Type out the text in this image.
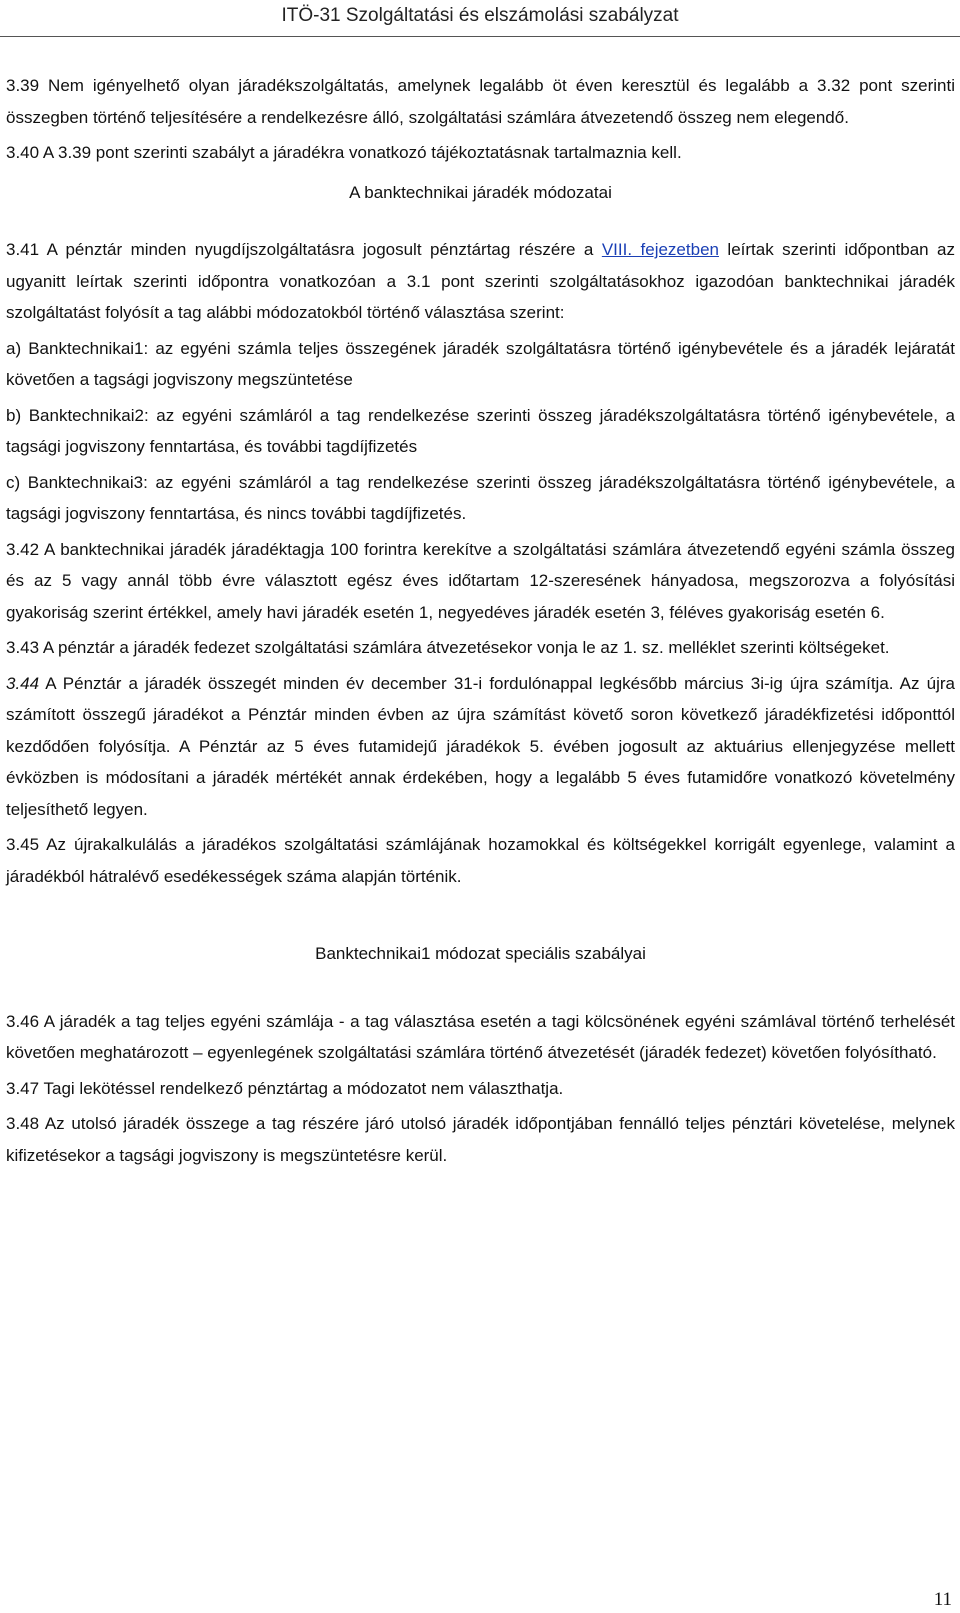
ITÖ-31 Szolgáltatási és elszámolási szabályzat

3.39 Nem igényelhető olyan járadékszolgáltatás, amelynek legalább öt éven keresztül és legalább a 3.32 pont szerinti összegben történő teljesítésére a rendelkezésre álló, szolgáltatási számlára átvezetendő összeg nem elegendő.

3.40 A 3.39 pont szerinti szabályt a járadékra vonatkozó tájékoztatásnak tartalmaznia kell.

A banktechnikai járadék módozatai

3.41 A pénztár minden nyugdíjszolgáltatásra jogosult pénztártag részére a VIII. fejezetben leírtak szerinti időpontban az ugyanitt leírtak szerinti időpontra vonatkozóan a 3.1 pont szerinti szolgáltatásokhoz igazodóan banktechnikai járadék szolgáltatást folyósít a tag alábbi módozatokból történő választása szerint:

a) Banktechnikai1: az egyéni számla teljes összegének járadék szolgáltatásra történő igénybevétele és a járadék lejáratát követően a tagsági jogviszony megszüntetése

b) Banktechnikai2: az egyéni számláról a tag rendelkezése szerinti összeg járadékszolgáltatásra történő igénybevétele, a tagsági jogviszony fenntartása, és további tagdíjfizetés

c) Banktechnikai3: az egyéni számláról a tag rendelkezése szerinti összeg járadékszolgáltatásra történő igénybevétele, a tagsági jogviszony fenntartása, és nincs további tagdíjfizetés.

3.42 A banktechnikai járadék járadéktagja 100 forintra kerekítve a szolgáltatási számlára átvezetendő egyéni számla összeg és az 5 vagy annál több évre választott egész éves időtartam 12-szeresének hányadosa, megszorozva a folyósítási gyakoriság szerint értékkel, amely havi járadék esetén 1, negyedéves járadék esetén 3, féléves gyakoriság esetén 6.

3.43 A pénztár a járadék fedezet szolgáltatási számlára átvezetésekor vonja le az 1. sz. melléklet szerinti költségeket.

3.44 A Pénztár a járadék összegét minden év december 31-i fordulónappal legkésőbb március 3i-ig újra számítja. Az újra számított összegű járadékot a Pénztár minden évben az újra számítást követő soron következő járadékfizetési időponttól kezdődően folyósítja. A Pénztár az 5 éves futamidejű járadékok 5. évében jogosult az aktuárius ellenjegyzése mellett évközben is módosítani a járadék mértékét annak érdekében, hogy a legalább 5 éves futamidőre vonatkozó követelmény teljesíthető legyen.

3.45 Az újrakalkulálás a járadékos szolgáltatási számlájának hozamokkal és költségekkel korrigált egyenlege, valamint a járadékból hátralévő esedékességek száma alapján történik.

Banktechnikai1 módozat speciális szabályai

3.46 A járadék a tag teljes egyéni számlája - a tag választása esetén a tagi kölcsönének egyéni számlával történő terhelését követően meghatározott – egyenlegének szolgáltatási számlára történő átvezetését (járadék fedezet) követően folyósítható.

3.47 Tagi lekötéssel rendelkező pénztártag a módozatot nem választhatja.

3.48 Az utolsó járadék összege a tag részére járó utolsó járadék időpontjában fennálló teljes pénztári követelése, melynek kifizetésekor a tagsági jogviszony is megszüntetésre kerül.

11
